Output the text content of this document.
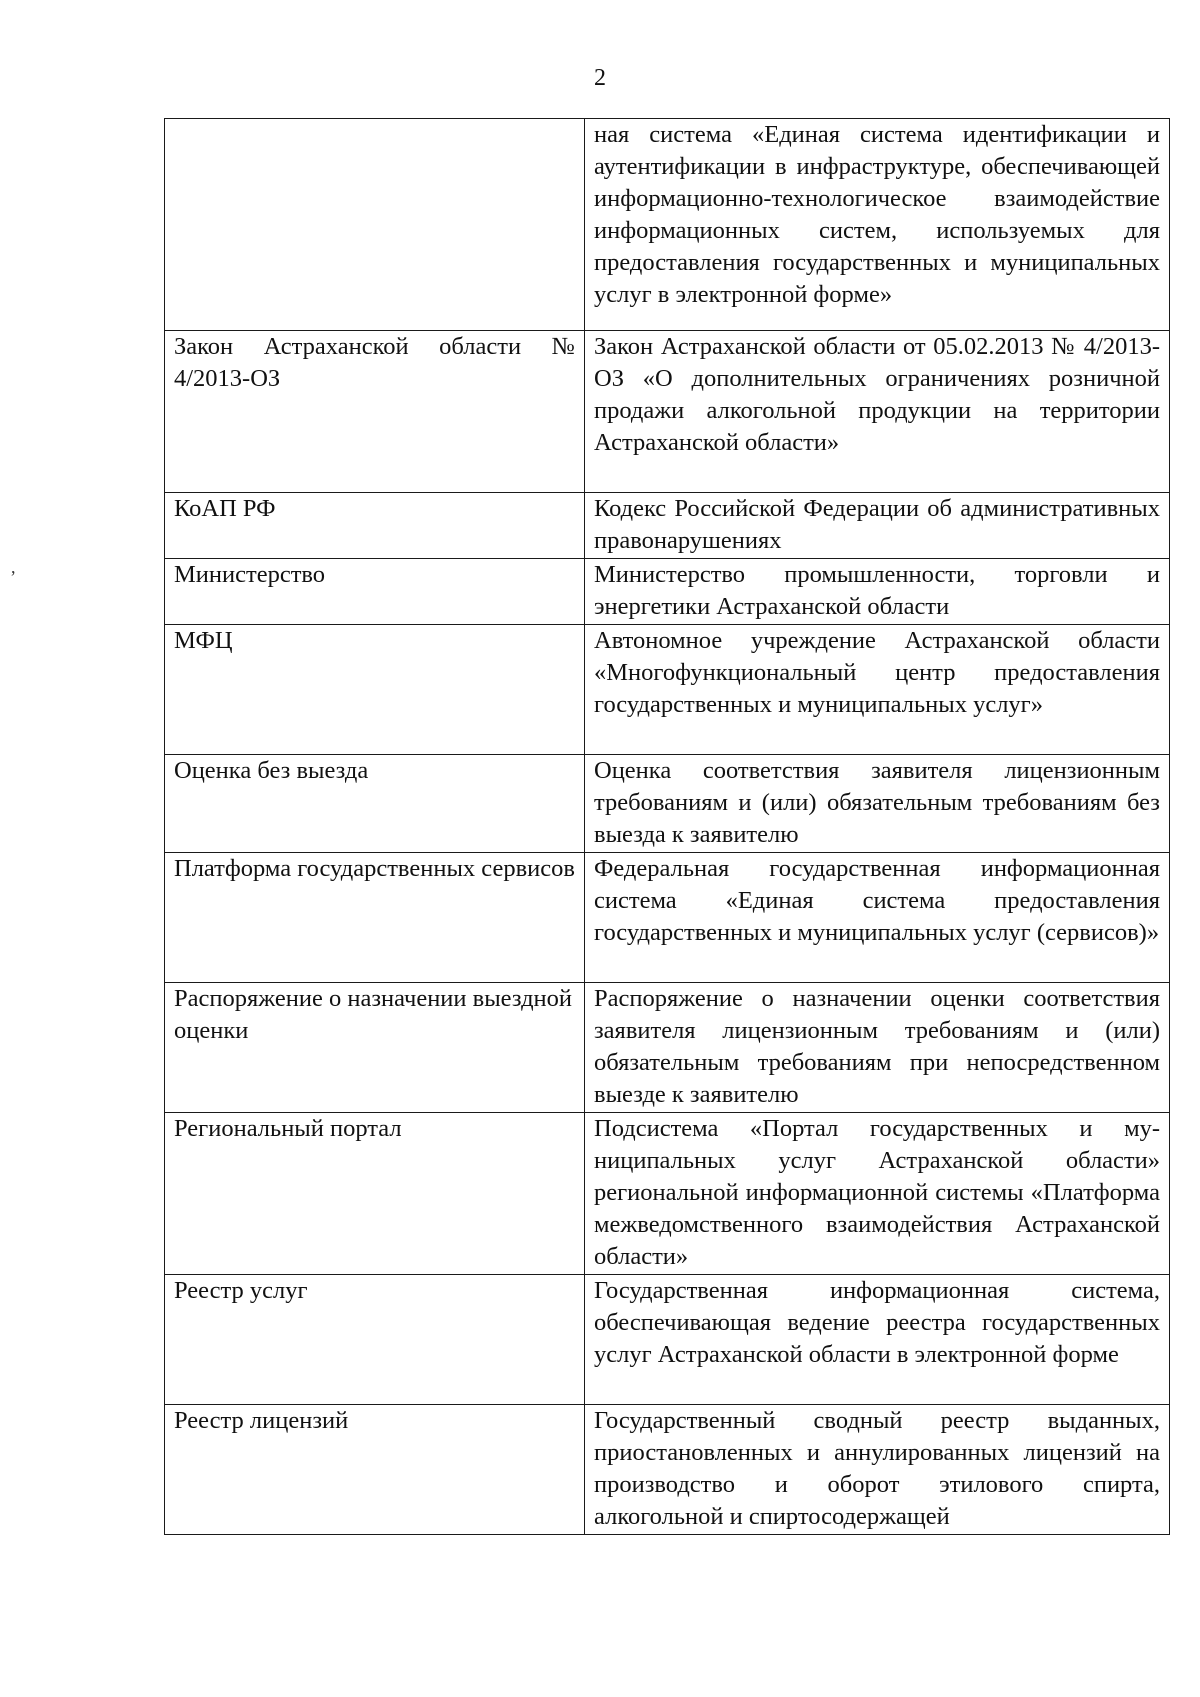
2
,
	ная система «Единая система идентификации и аутентификации в инфраструктуре, обеспечивающей информационно-технологическое взаимодействие информационных систем, используемых для предоставления государственных и муниципальных услуг в электронной форме»
Закон Астраханской области № 4/2013-ОЗ	Закон Астраханской области от 05.02.2013 № 4/2013-ОЗ «О дополнительных ограничениях розничной продажи алкогольной продукции на территории Астраханской области»
КоАП РФ	Кодекс Российской Федерации об административных правонарушениях
Министерство	Министерство промышленности, торговли и энергетики Астраханской области
МФЦ	Автономное учреждение Астраханской области «Многофункциональный центр предоставления государственных и муниципальных услуг»
Оценка без выезда	Оценка соответствия заявителя лицензионным требованиям и (или) обязательным требованиям без выезда к заявителю
Платформа государственных сервисов	Федеральная государственная информационная система «Единая система предоставления государственных и муниципальных услуг (сервисов)»
Распоряжение о назначении выездной оценки	Распоряжение о назначении оценки соответствия заявителя лицензионным требованиям и (или) обязательным требованиям при непосредственном выезде к заявителю
Региональный портал	Подсистема «Портал государственных и муниципальных услуг Астраханской области» региональной информационной системы «Платформа межведомственного взаимодействия Астраханской области»
Реестр услуг	Государственная информационная система, обеспечивающая ведение реестра государственных услуг Астраханской области в электронной форме
Реестр лицензий	Государственный сводный реестр выданных, приостановленных и аннулированных лицензий на производство и оборот этилового спирта, алкогольной и спиртосодержащей
